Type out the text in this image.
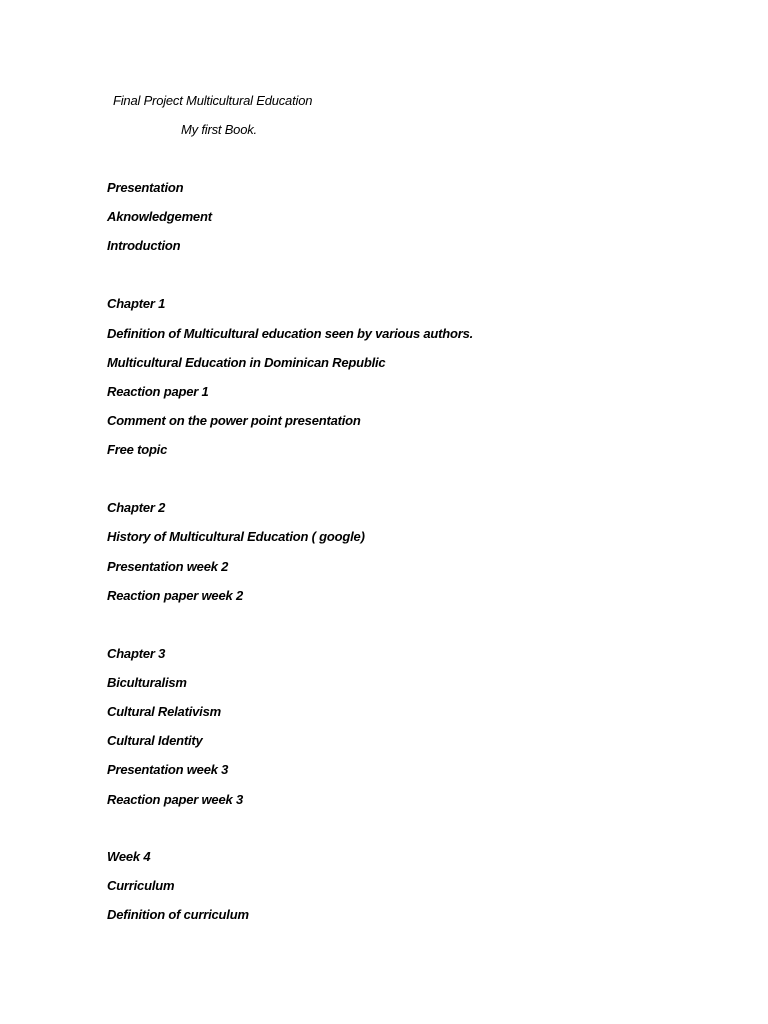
Final Project Multicultural Education
My first Book.
Presentation
Aknowledgement
Introduction
Chapter 1
Definition of Multicultural education seen by various authors.
Multicultural Education in Dominican Republic
Reaction paper 1
Comment on the power point presentation
Free topic
Chapter 2
History of Multicultural Education ( google)
Presentation week 2
Reaction paper week 2
Chapter 3
Biculturalism
Cultural Relativism
Cultural Identity
Presentation week 3
Reaction paper week 3
Week 4
Curriculum
Definition of curriculum
